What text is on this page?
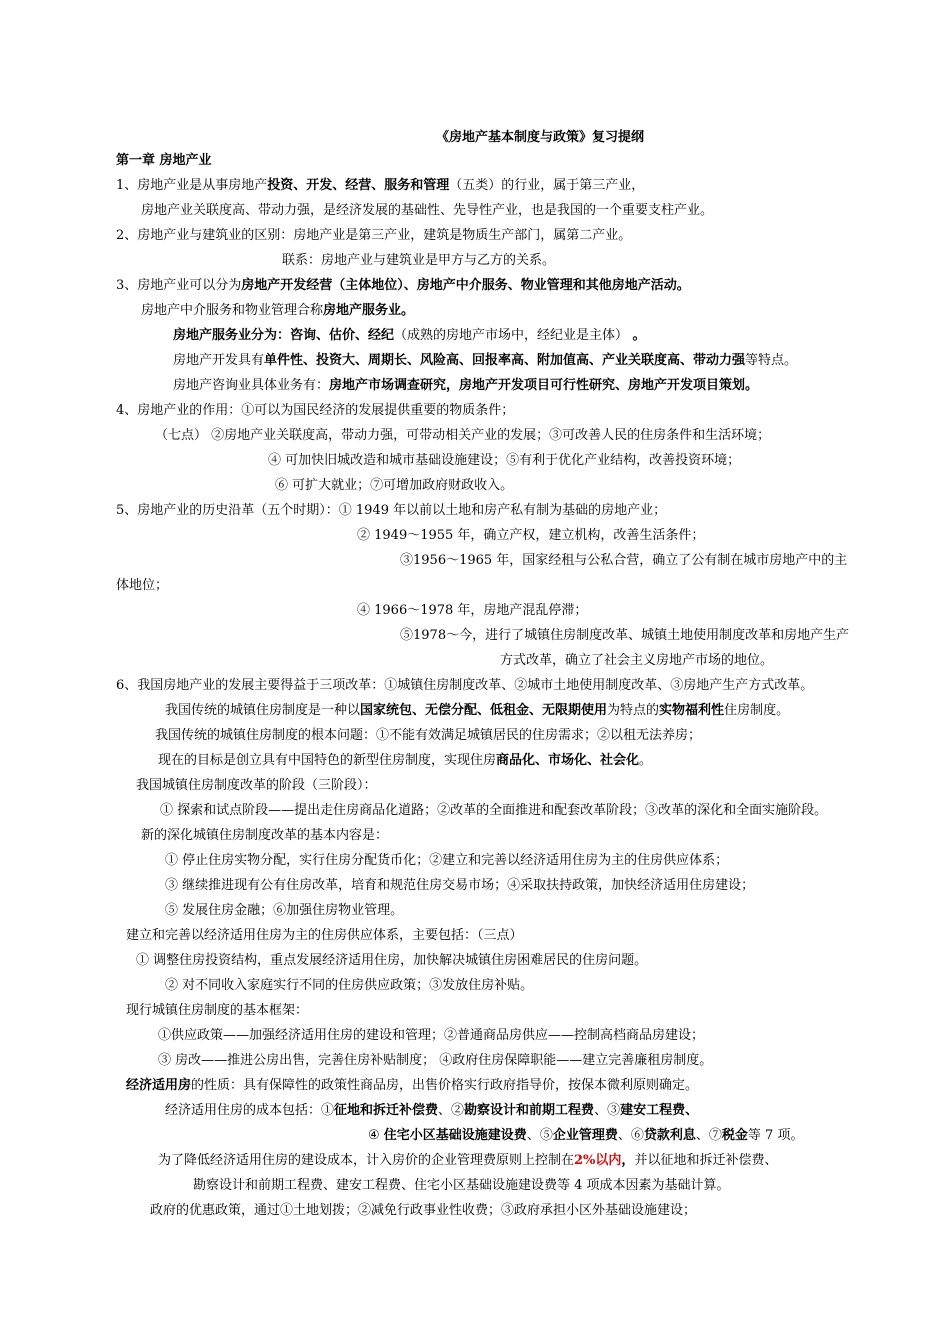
《房地产基本制度与政策》复习提纲
第一章 房地产业
1、房地产业是从事房地产投资、开发、经营、服务和管理（五类）的行业，属于第三产业，
房地产业关联度高、带动力强，是经济发展的基础性、先导性产业，也是我国的一个重要支柱产业。
2、房地产业与建筑业的区别：房地产业是第三产业，建筑是物质生产部门，属第二产业。
联系：房地产业与建筑业是甲方与乙方的关系。
3、房地产业可以分为房地产开发经营（主体地位）、房地产中介服务、物业管理和其他房地产活动。
房地产中介服务和物业管理合称房地产服务业。
房地产服务业分为：咨询、估价、经纪（成熟的房地产市场中，经纪业是主体） 。
房地产开发具有单件性、投资大、周期长、风险高、回报率高、附加值高、产业关联度高、带动力强等特点。
房地产咨询业具体业务有：房地产市场调查研究，房地产开发项目可行性研究、房地产开发项目策划。
4、房地产业的作用：①可以为国民经济的发展提供重要的物质条件；
（七点） ②房地产业关联度高，带动力强，可带动相关产业的发展；③可改善人民的住房条件和生活环境；
④ 可加快旧城改造和城市基础设施建设；⑤有利于优化产业结构，改善投资环境；
⑥ 可扩大就业；⑦可增加政府财政收入。
5、房地产业的历史沿革（五个时期）：① 1949 年以前以土地和房产私有制为基础的房地产业；
② 1949～1955 年，确立产权，建立机构，改善生活条件；
③1956～1965 年，国家经租与公私合营，确立了公有制在城市房地产中的主
体地位；
④ 1966～1978 年，房地产混乱停滞；
⑤1978～今，进行了城镇住房制度改革、城镇土地使用制度改革和房地产生产
方式改革，确立了社会主义房地产市场的地位。
6、我国房地产业的发展主要得益于三项改革：①城镇住房制度改革、②城市土地使用制度改革、③房地产生产方式改革。
我国传统的城镇住房制度是一种以国家统包、无偿分配、低租金、无限期使用为特点的实物福利性住房制度。
我国传统的城镇住房制度的根本问题：①不能有效满足城镇居民的住房需求；②以租无法养房；
现在的目标是创立具有中国特色的新型住房制度，实现住房商品化、市场化、社会化。
我国城镇住房制度改革的阶段（三阶段）：
① 探索和试点阶段——提出走住房商品化道路；②改革的全面推进和配套改革阶段；③改革的深化和全面实施阶段。
新的深化城镇住房制度改革的基本内容是：
① 停止住房实物分配，实行住房分配货币化；②建立和完善以经济适用住房为主的住房供应体系；
③ 继续推进现有公有住房改革，培育和规范住房交易市场；④采取扶持政策，加快经济适用住房建设；
⑤ 发展住房金融；⑥加强住房物业管理。
建立和完善以经济适用住房为主的住房供应体系，主要包括：（三点）
① 调整住房投资结构，重点发展经济适用住房，加快解决城镇住房困难居民的住房问题。
② 对不同收入家庭实行不同的住房供应政策；③发放住房补贴。
现行城镇住房制度的基本框架：
①供应政策——加强经济适用住房的建设和管理；②普通商品房供应——控制高档商品房建设；
③ 房改——推进公房出售，完善住房补贴制度； ④政府住房保障职能——建立完善廉租房制度。
经济适用房的性质：具有保障性的政策性商品房，出售价格实行政府指导价，按保本微利原则确定。
经济适用住房的成本包括：①征地和拆迁补偿费、②勘察设计和前期工程费、③建安工程费、
④ 住宅小区基础设施建设费、⑤企业管理费、⑥贷款利息、⑦税金等 7 项。
为了降低经济适用住房的建设成本，计入房价的企业管理费原则上控制在2%以内，并以征地和拆迁补偿费、
勘察设计和前期工程费、建安工程费、住宅小区基础设施建设费等 4 项成本因素为基础计算。
政府的优惠政策，通过①土地划拨；②减免行政事业性收费；③政府承担小区外基础设施建设；
